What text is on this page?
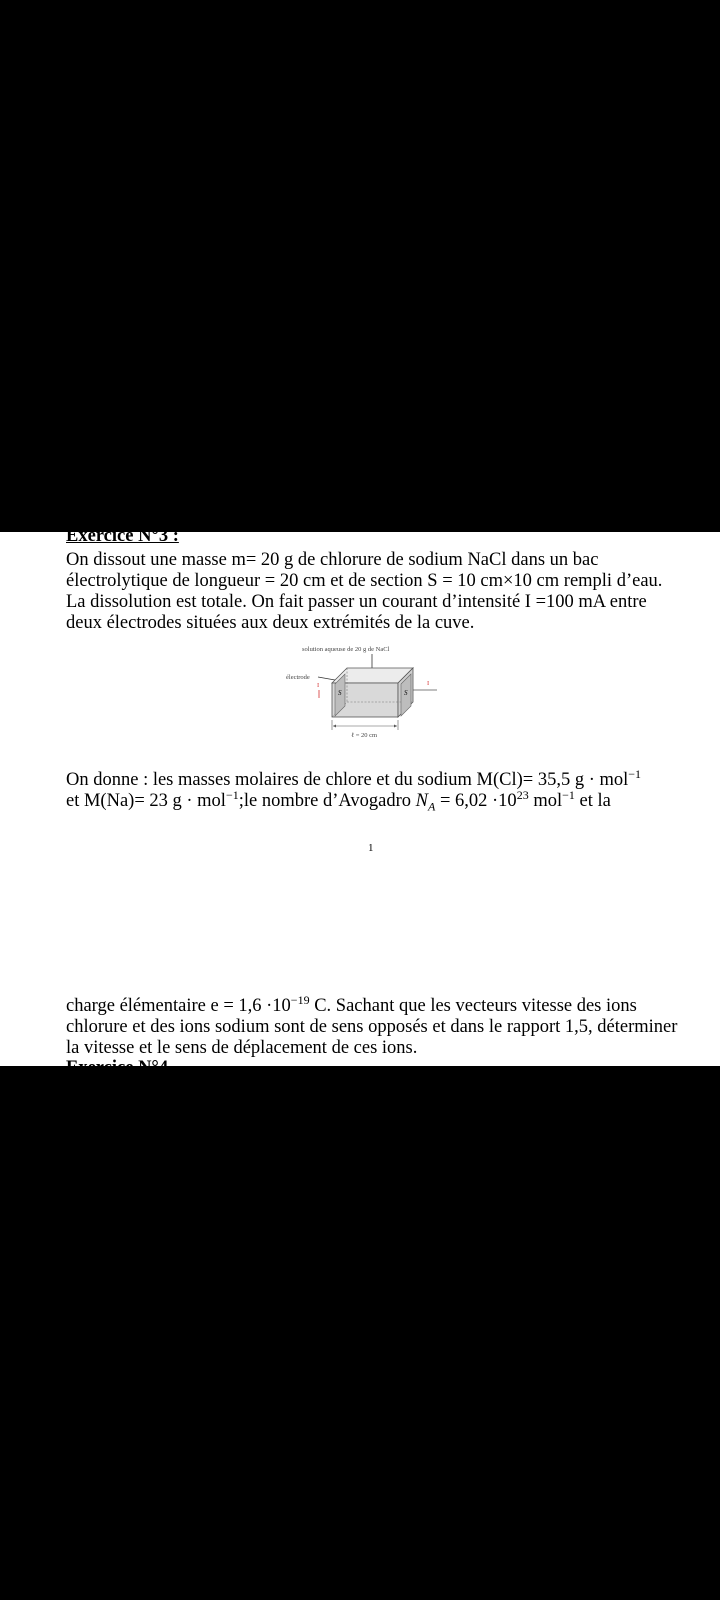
Exercice N°3 :
On dissout une masse m= 20 g de chlorure de sodium NaCl dans un bac électrolytique de longueur = 20 cm et de section S = 10 cm×10 cm rempli d’eau. La dissolution est totale. On fait passer un courant d’intensité I =100 mA entre deux électrodes situées aux deux extrémités de la cuve.
solution aqueuse de 20 g de NaCl
S	S
électrode
I	I
ℓ = 20 cm
On donne : les masses molaires de chlore et du sodium M(Cl)= 35,5 g · mol$^{-1}$
et M(Na)= 23 g · mol$^{-1}$;le nombre d’Avogadro $N_A = 6,02 \cdot 10^{23}$ mol$^{-1}$ et la
1
charge élémentaire $e = 1,6 \cdot 10^{-19}$ C. Sachant que les vecteurs vitesse des ions chlorure et des ions sodium sont de sens opposés et dans le rapport 1,5, déterminer la vitesse et le sens de déplacement de ces ions.
Exercice N°4 :
